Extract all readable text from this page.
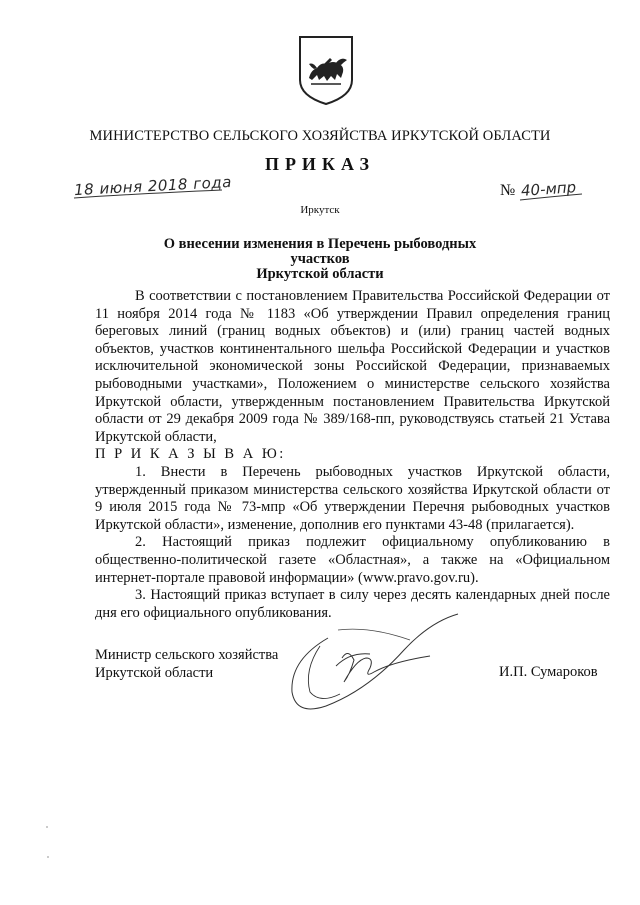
МИНИСТЕРСТВО СЕЛЬСКОГО ХОЗЯЙСТВА ИРКУТСКОЙ ОБЛАСТИ
ПРИКАЗ
18 июня 2018 года	№ 40-мпр
Иркутск
О внесении изменения в Перечень рыбоводных участков
Иркутской области

В соответствии с постановлением Правительства Российской Федерации от 11 ноября 2014 года № 1183 «Об утверждении Правил определения границ береговых линий (границ водных объектов) и (или) границ частей водных объектов, участков континентального шельфа Российской Федерации и участков исключительной экономической зоны Российской Федерации, признаваемых рыбоводными участками», Положением о министерстве сельского хозяйства Иркутской области, утвержденным постановлением Правительства Иркутской области от 29 декабря 2009 года № 389/168-пп, руководствуясь статьей 21 Устава Иркутской области,

П Р И К А З Ы В А Ю:

1. Внести в Перечень рыбоводных участков Иркутской области, утвержденный приказом министерства сельского хозяйства Иркутской области от 9 июля 2015 года № 73-мпр «Об утверждении Перечня рыбоводных участков Иркутской области», изменение, дополнив его пунктами 43-48 (прилагается).

2. Настоящий приказ подлежит официальному опубликованию в общественно-политической газете «Областная», а также на «Официальном интернет-портале правовой информации» (www.pravo.gov.ru).

3. Настоящий приказ вступает в силу через десять календарных дней после дня его официального опубликования.

Министр сельского хозяйства
Иркутской области	И.П. Сумароков
